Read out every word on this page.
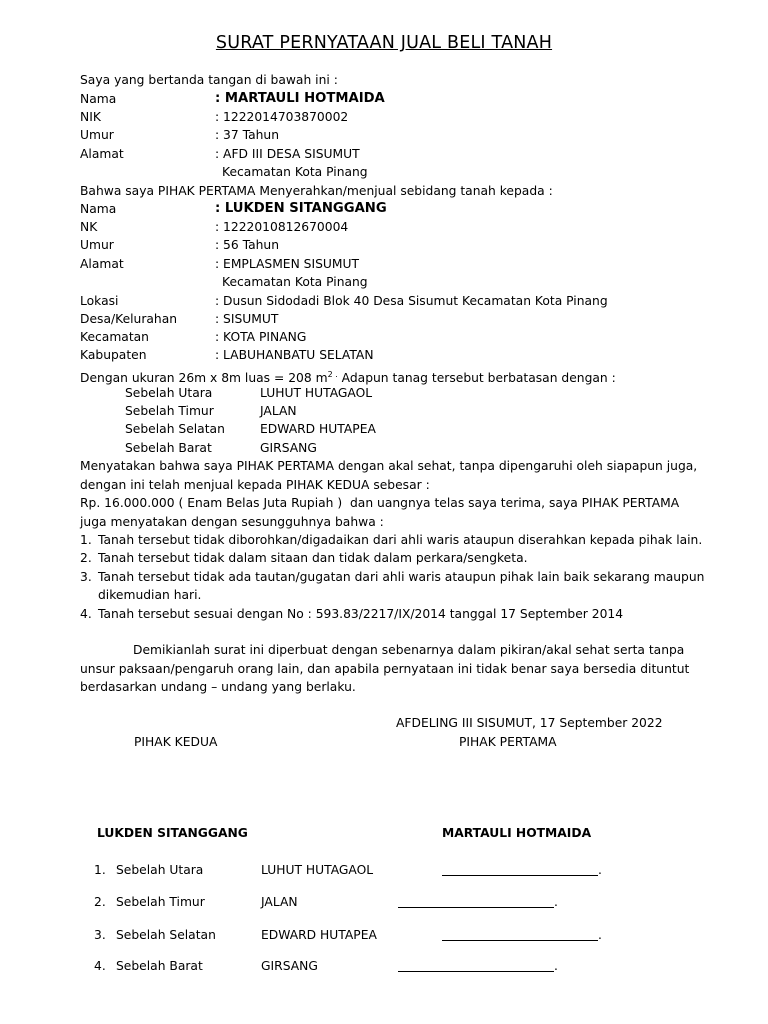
SURAT PERNYATAAN JUAL BELI TANAH
Saya yang bertanda tangan di bawah ini :
Nama	: MARTAULI HOTMAIDA
NIK	: 1222014703870002
Umur	: 37 Tahun
Alamat	: AFD III DESA SISUMUT
Kecamatan Kota Pinang
Bahwa saya PIHAK PERTAMA Menyerahkan/menjual sebidang tanah kepada :
Nama	: LUKDEN SITANGGANG
NK	: 1222010812670004
Umur	: 56 Tahun
Alamat	: EMPLASMEN SISUMUT
Kecamatan Kota Pinang
Lokasi	: Dusun Sidodadi Blok 40 Desa Sisumut Kecamatan Kota Pinang
Desa/Kelurahan	: SISUMUT
Kecamatan	: KOTA PINANG
Kabupaten	: LABUHANBATU SELATAN
Dengan ukuran 26m x 8m luas = 208 $m^{2 .}$ Adapun tanag tersebut berbatasan dengan :
Sebelah Utara	LUHUT HUTAGAOL
Sebelah Timur	JALAN
Sebelah Selatan	EDWARD HUTAPEA
Sebelah Barat	GIRSANG
Menyatakan bahwa saya PIHAK PERTAMA dengan akal sehat, tanpa dipengaruhi oleh siapapun juga,
dengan ini telah menjual kepada PIHAK KEDUA sebesar :
Rp. 16.000.000 ( Enam Belas Juta Rupiah ) dan uangnya telas saya terima, saya PIHAK PERTAMA
juga menyatakan dengan sesungguhnya bahwa :
1. Tanah tersebut tidak diborohkan/digadaikan dari ahli waris ataupun diserahkan kepada pihak lain.
2. Tanah tersebut tidak dalam sitaan dan tidak dalam perkara/sengketa.
3. Tanah tersebut tidak ada tautan/gugatan dari ahli waris ataupun pihak lain baik sekarang maupun
dikemudian hari.
4. Tanah tersebut sesuai dengan No : 593.83/2217/IX/2014 tanggal 17 September 2014
Demikianlah surat ini diperbuat dengan sebenarnya dalam pikiran/akal sehat serta tanpa
unsur paksaan/pengaruh orang lain, dan apabila pernyataan ini tidak benar saya bersedia dituntut
berdasarkan undang – undang yang berlaku.
AFDELING III SISUMUT, 17 September 2022
PIHAK KEDUA	PIHAK PERTAMA
LUKDEN SITANGGANG	MARTAULI HOTMAIDA
1. Sebelah Utara	LUHUT HUTAGAOL	.
2. Sebelah Timur	JALAN	.
3. Sebelah Selatan	EDWARD HUTAPEA	.
4. Sebelah Barat	GIRSANG	.
